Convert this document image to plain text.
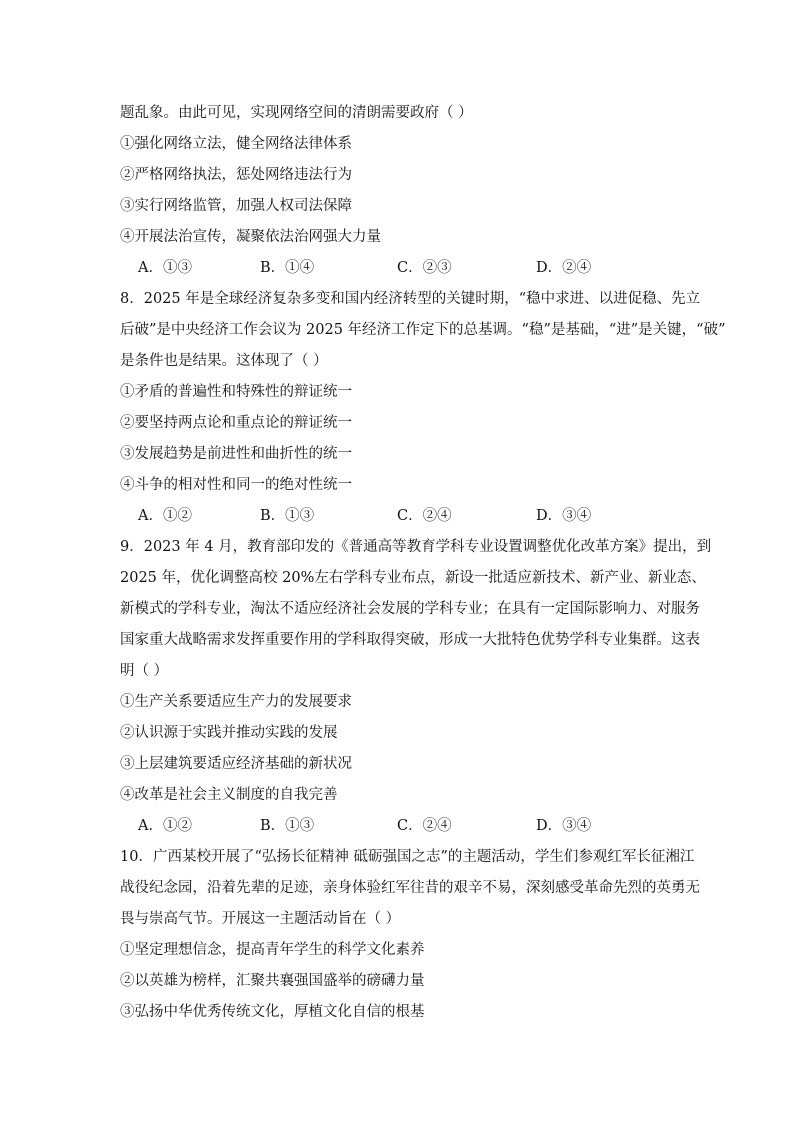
题乱象。由此可见，实现网络空间的清朗需要政府（ ）
①强化网络立法，健全网络法律体系
②严格网络执法，惩处网络违法行为
③实行网络监管，加强人权司法保障
④开展法治宣传，凝聚依法治网强大力量
A．①③	B．①④	C．②③	D．②④
8．2025 年是全球经济复杂多变和国内经济转型的关键时期，“稳中求进、以进促稳、先立
后破”是中央经济工作会议为 2025 年经济工作定下的总基调。“稳”是基础，“进”是关键，“破”
是条件也是结果。这体现了（ ）
①矛盾的普遍性和特殊性的辩证统一
②要坚持两点论和重点论的辩证统一
③发展趋势是前进性和曲折性的统一
④斗争的相对性和同一的绝对性统一
A．①②	B．①③	C．②④	D．③④
9．2023 年 4 月，教育部印发的《普通高等教育学科专业设置调整优化改革方案》提出，到
2025 年，优化调整高校 20%左右学科专业布点，新设一批适应新技术、新产业、新业态、
新模式的学科专业，淘汰不适应经济社会发展的学科专业；在具有一定国际影响力、对服务
国家重大战略需求发挥重要作用的学科取得突破，形成一大批特色优势学科专业集群。这表
明（ ）
①生产关系要适应生产力的发展要求
②认识源于实践并推动实践的发展
③上层建筑要适应经济基础的新状况
④改革是社会主义制度的自我完善
A．①②	B．①③	C．②④	D．③④
10．广西某校开展了“弘扬长征精神 砥砺强国之志”的主题活动，学生们参观红军长征湘江
战役纪念园，沿着先辈的足迹，亲身体验红军往昔的艰辛不易，深刻感受革命先烈的英勇无
畏与崇高气节。开展这一主题活动旨在（ ）
①坚定理想信念，提高青年学生的科学文化素养
②以英雄为榜样，汇聚共襄强国盛举的磅礴力量
③弘扬中华优秀传统文化，厚植文化自信的根基
